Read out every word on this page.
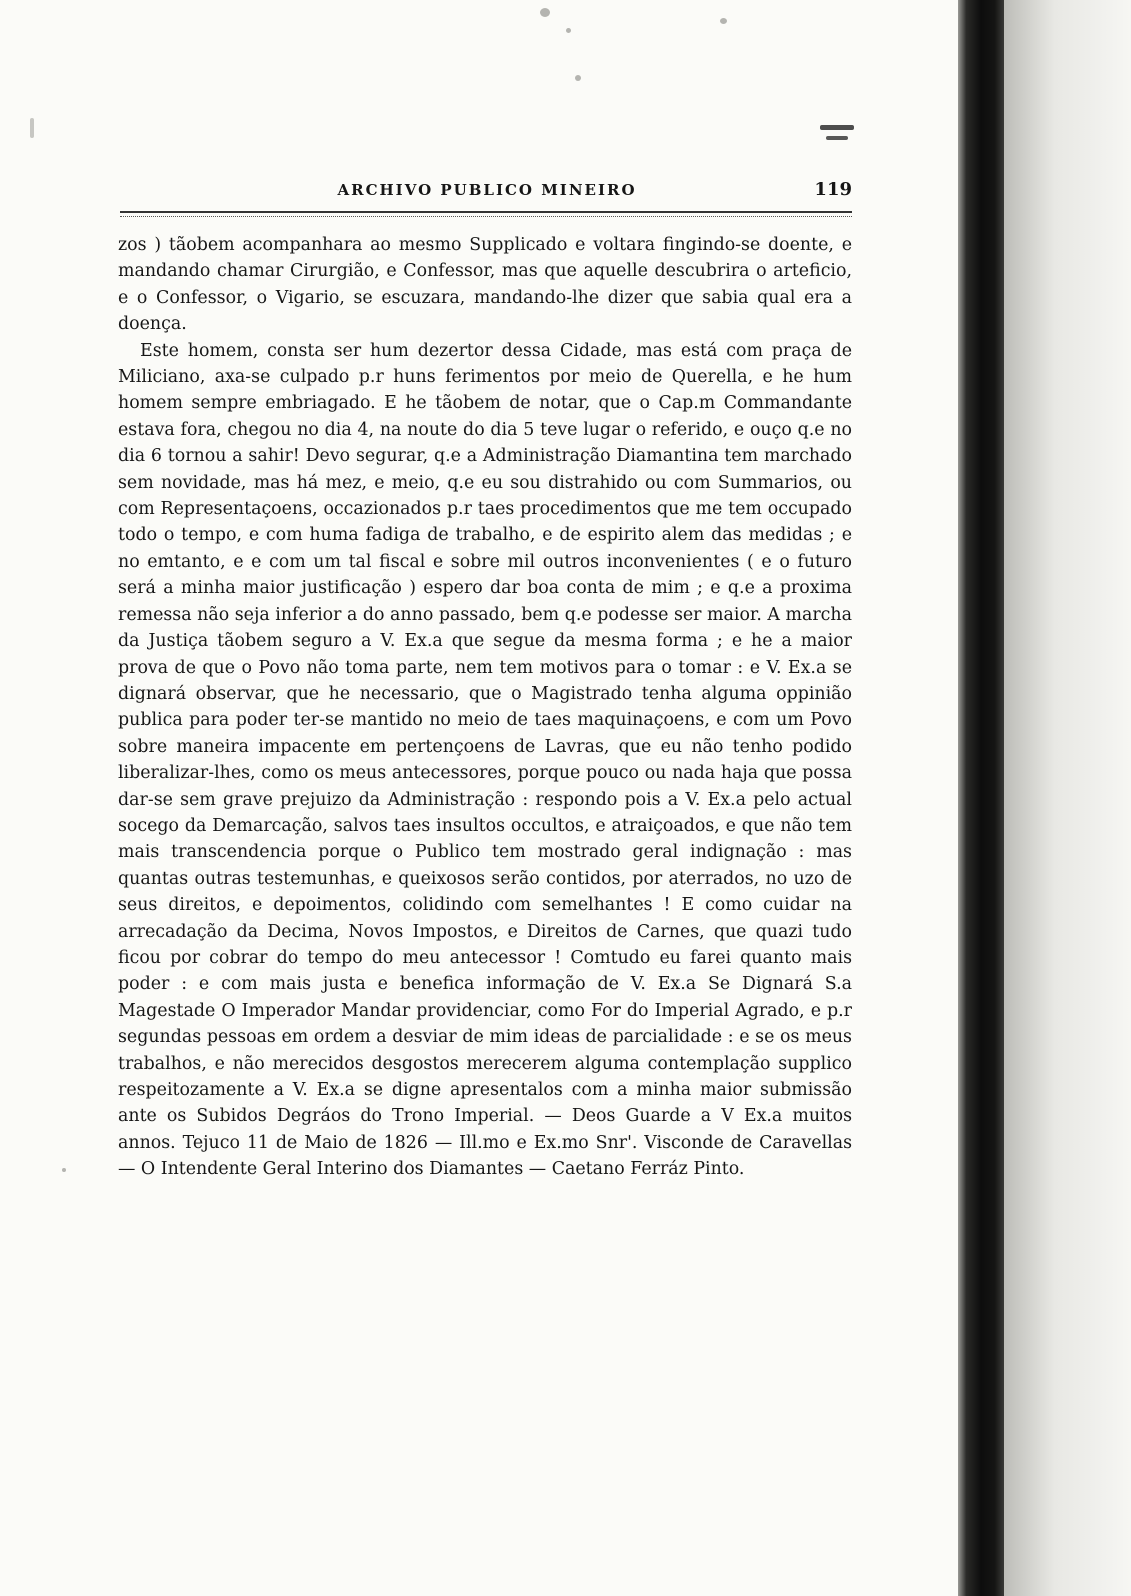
ARCHIVO PUBLICO MINEIRO	119

zos ) tãobem acompanhara ao mesmo Supplicado e voltara fingindo-se doente, e mandando chamar Cirurgião, e Confessor, mas que aquelle descubrira o arteficio, e o Confessor, o Vigario, se escuzara, mandando-lhe dizer que sabia qual era a doença.

Este homem, consta ser hum dezertor dessa Cidade, mas está com praça de Miliciano, axa-se culpado p.r huns ferimentos por meio de Querella, e he hum homem sempre embriagado. E he tãobem de notar, que o Cap.m Commandante estava fora, chegou no dia 4, na noute do dia 5 teve lugar o referido, e ouço q.e no dia 6 tornou a sahir! Devo segurar, q.e a Administração Diamantina tem marchado sem novidade, mas há mez, e meio, q.e eu sou distrahido ou com Summarios, ou com Representaçoens, occazionados p.r taes procedimentos que me tem occupado todo o tempo, e com huma fadiga de trabalho, e de espirito alem das medidas ; e no emtanto, e e com um tal fiscal e sobre mil outros inconvenientes ( e o futuro será a minha maior justificação ) espero dar boa conta de mim ; e q.e a proxima remessa não seja inferior a do anno passado, bem q.e podesse ser maior. A marcha da Justiça tãobem seguro a V. Ex.a que segue da mesma forma ; e he a maior prova de que o Povo não toma parte, nem tem motivos para o tomar : e V. Ex.a se dignará observar, que he necessario, que o Magistrado tenha alguma oppinião publica para poder ter-se mantido no meio de taes maquinaçoens, e com um Povo sobre maneira impacente em pertençoens de Lavras, que eu não tenho podido liberalizar-lhes, como os meus antecessores, porque pouco ou nada haja que possa dar-se sem grave prejuizo da Administração : respondo pois a V. Ex.a pelo actual socego da Demarcação, salvos taes insultos occultos, e atraiçoados, e que não tem mais transcendencia porque o Publico tem mostrado geral indignação : mas quantas outras testemunhas, e queixosos serão contidos, por aterrados, no uzo de seus direitos, e depoimentos, colidindo com semelhantes ! E como cuidar na arrecadação da Decima, Novos Impostos, e Direitos de Carnes, que quazi tudo ficou por cobrar do tempo do meu antecessor ! Comtudo eu farei quanto mais poder : e com mais justa e benefica informação de V. Ex.a Se Dignará S.a Magestade O Imperador Mandar providenciar, como For do Imperial Agrado, e p.r segundas pessoas em ordem a desviar de mim ideas de parcialidade : e se os meus trabalhos, e não merecidos desgostos merecerem alguma contemplação supplico respeitozamente a V. Ex.a se digne apresentalos com a minha maior submissão ante os Subidos Degráos do Trono Imperial. — Deos Guarde a V Ex.a muitos annos. Tejuco 11 de Maio de 1826 — Ill.mo e Ex.mo Snr'. Visconde de Caravellas — O Intendente Geral Interino dos Diamantes — Caetano Ferráz Pinto.
